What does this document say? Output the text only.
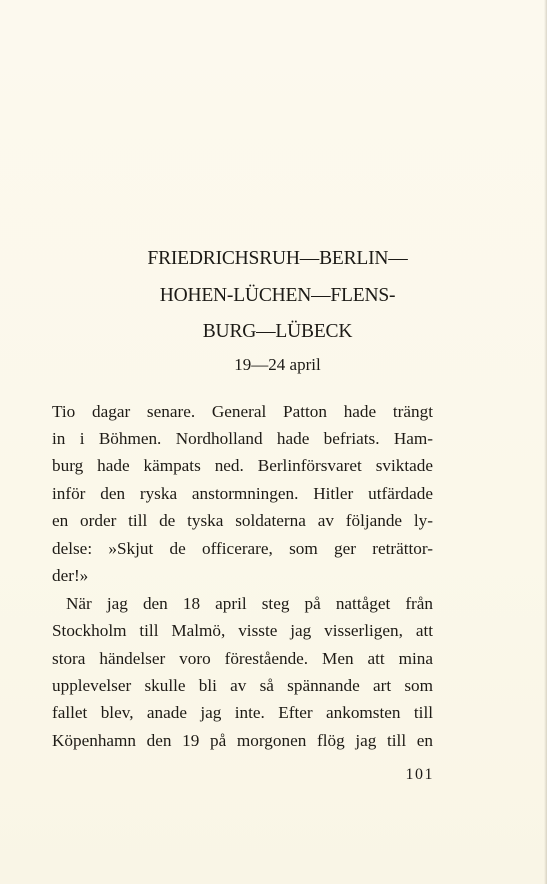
FRIEDRICHSRUH—BERLIN—
HOHEN-LÜCHEN—FLENS-
BURG—LÜBECK
19—24 april
Tio dagar senare. General Patton hade trängt
in i Böhmen. Nordholland hade befriats. Ham-
burg hade kämpats ned. Berlinförsvaret sviktade
inför den ryska anstormningen. Hitler utfärdade
en order till de tyska soldaterna av följande ly-
delse: »Skjut de officerare, som ger reträttor-
der!»
När jag den 18 april steg på nattåget från
Stockholm till Malmö, visste jag visserligen, att
stora händelser voro förestående. Men att mina
upplevelser skulle bli av så spännande art som
fallet blev, anade jag inte. Efter ankomsten till
Köpenhamn den 19 på morgonen flög jag till en
101
